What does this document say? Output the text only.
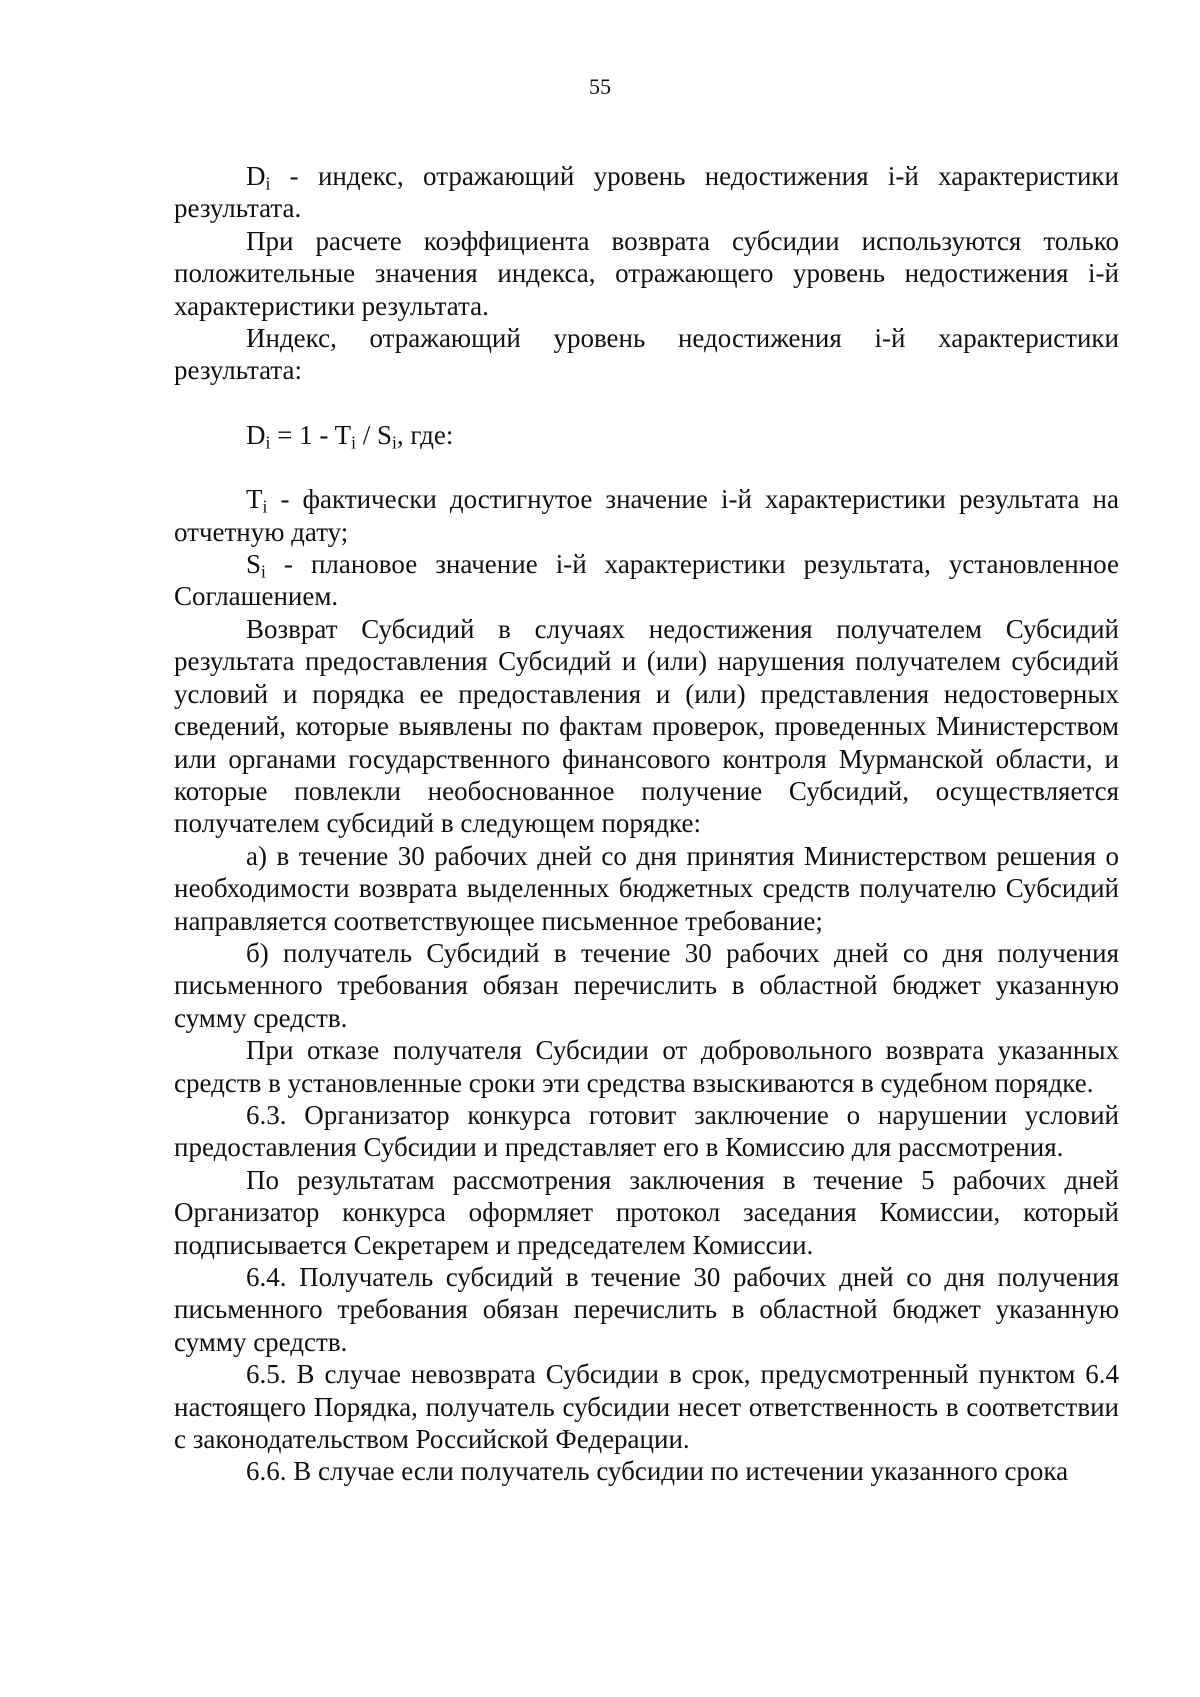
55

$D_i$ - индекс, отражающий уровень недостижения i-й характеристики результата.

При расчете коэффициента возврата субсидии используются только положительные значения индекса, отражающего уровень недостижения i-й характеристики результата.

Индекс, отражающий уровень недостижения i-й характеристики результата:

$D_i = 1 - T_i / S_i$, где:

$T_i$ - фактически достигнутое значение i-й характеристики результата на отчетную дату;

$S_i$ - плановое значение i-й характеристики результата, установленное Соглашением.

Возврат Субсидий в случаях недостижения получателем Субсидий результата предоставления Субсидий и (или) нарушения получателем субсидий условий и порядка ее предоставления и (или) представления недостоверных сведений, которые выявлены по фактам проверок, проведенных Министерством или органами государственного финансового контроля Мурманской области, и которые повлекли необоснованное получение Субсидий, осуществляется получателем субсидий в следующем порядке:

а) в течение 30 рабочих дней со дня принятия Министерством решения о необходимости возврата выделенных бюджетных средств получателю Субсидий направляется соответствующее письменное требование;

б) получатель Субсидий в течение 30 рабочих дней со дня получения письменного требования обязан перечислить в областной бюджет указанную сумму средств.

При отказе получателя Субсидии от добровольного возврата указанных средств в установленные сроки эти средства взыскиваются в судебном порядке.

6.3. Организатор конкурса готовит заключение о нарушении условий предоставления Субсидии и представляет его в Комиссию для рассмотрения.

По результатам рассмотрения заключения в течение 5 рабочих дней Организатор конкурса оформляет протокол заседания Комиссии, который подписывается Секретарем и председателем Комиссии.

6.4. Получатель субсидий в течение 30 рабочих дней со дня получения письменного требования обязан перечислить в областной бюджет указанную сумму средств.

6.5. В случае невозврата Субсидии в срок, предусмотренный пунктом 6.4 настоящего Порядка, получатель субсидии несет ответственность в соответствии с законодательством Российской Федерации.

6.6. В случае если получатель субсидии по истечении указанного срока
